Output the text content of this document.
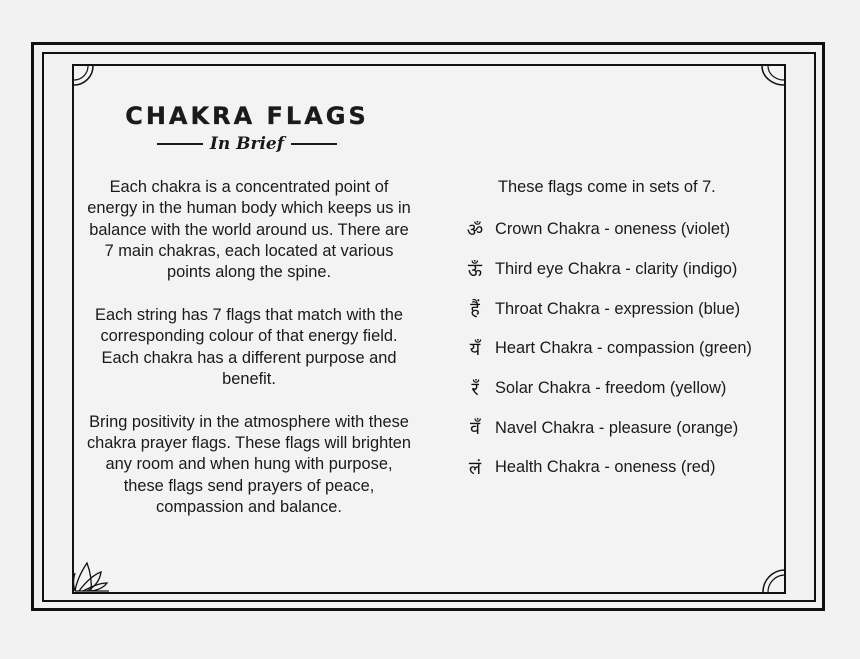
CHAKRA FLAGS
In Brief

Each chakra is a concentrated point of energy in the human body which keeps us in balance with the world around us. There are 7 main chakras, each located at various points along the spine.

Each string has 7 flags that match with the corresponding colour of that energy field. Each chakra has a different purpose and benefit.

Bring positivity in the atmosphere with these chakra prayer flags. These flags will brighten any room and when hung with purpose, these flags send prayers of peace, compassion and balance.

These flags come in sets of 7.

ॐ Crown Chakra - oneness (violet)
ऊँ Third eye Chakra - clarity (indigo)
हैं Throat Chakra - expression (blue)
यँ Heart Chakra - compassion (green)
रँ Solar Chakra - freedom (yellow)
वँ Navel Chakra - pleasure (orange)
लं Health Chakra - oneness (red)
